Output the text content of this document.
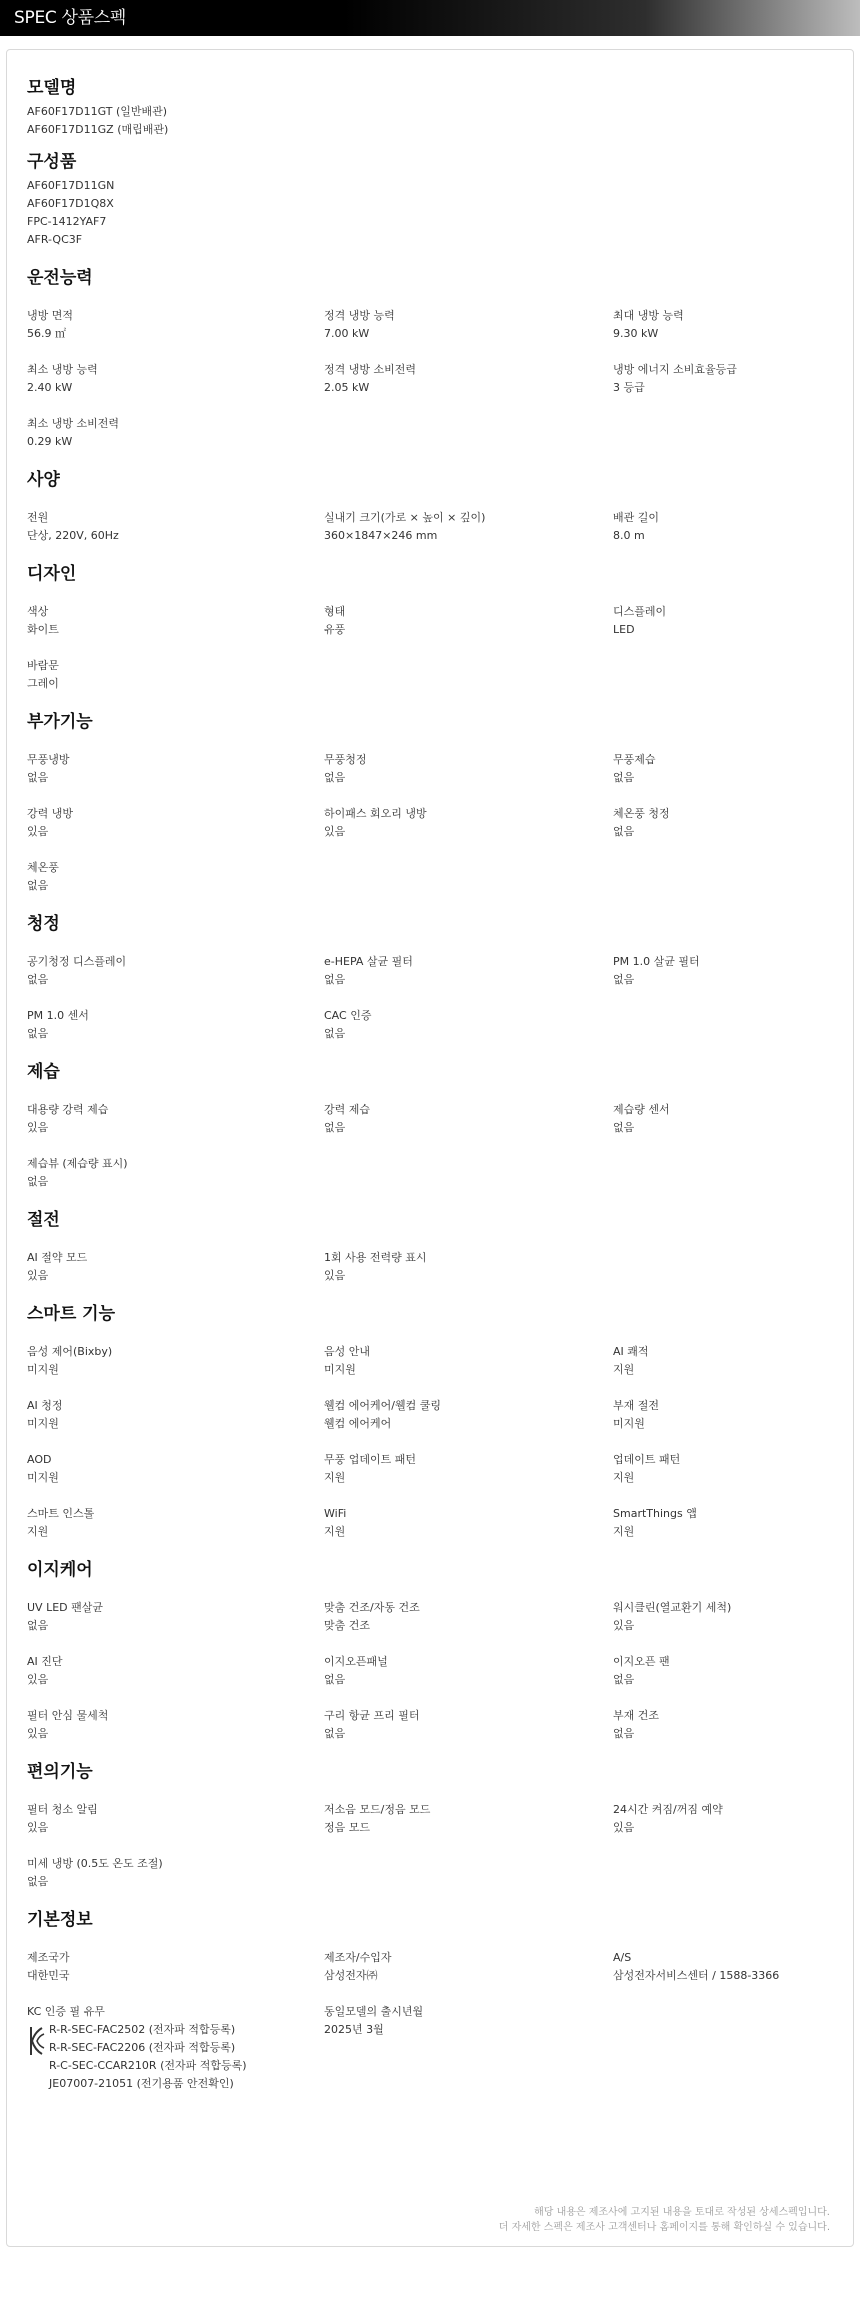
SPEC 상품스펙
모델명
AF60F17D11GT (일반배관)
AF60F17D11GZ (매립배관)
구성품
AF60F17D11GN
AF60F17D1Q8X
FPC-1412YAF7
AFR-QC3F
운전능력
냉방 면적
56.9 ㎡
정격 냉방 능력
7.00 kW
최대 냉방 능력
9.30 kW
최소 냉방 능력
2.40 kW
정격 냉방 소비전력
2.05 kW
냉방 에너지 소비효율등급
3 등급
최소 냉방 소비전력
0.29 kW
사양
전원
단상, 220V, 60Hz
실내기 크기(가로 × 높이 × 깊이)
360×1847×246 mm
배관 길이
8.0 m
디자인
색상
화이트
형태
유풍
디스플레이
LED
바람문
그레이
부가기능
무풍냉방
없음
무풍청정
없음
무풍제습
없음
강력 냉방
있음
하이패스 회오리 냉방
있음
체온풍 청정
없음
체온풍
없음
청정
공기청정 디스플레이
없음
e-HEPA 살균 필터
없음
PM 1.0 살균 필터
없음
PM 1.0 센서
없음
CAC 인증
없음
제습
대용량 강력 제습
있음
강력 제습
없음
제습량 센서
없음
제습뷰 (제습량 표시)
없음
절전
AI 절약 모드
있음
1회 사용 전력량 표시
있음
스마트 기능
음성 제어(Bixby)
미지원
음성 안내
미지원
AI 쾌적
지원
AI 청정
미지원
웰컴 에어케어/웰컴 쿨링
웰컴 에어케어
부재 절전
미지원
AOD
미지원
무풍 업데이트 패턴
지원
업데이트 패턴
지원
스마트 인스톨
지원
WiFi
지원
SmartThings 앱
지원
이지케어
UV LED 팬살균
없음
맞춤 건조/자동 건조
맞춤 건조
워시클린(열교환기 세척)
있음
AI 진단
있음
이지오픈패널
없음
이지오픈 팬
없음
필터 안심 물세척
있음
구리 항균 프리 필터
없음
부재 건조
없음
편의기능
필터 청소 알림
있음
저소음 모드/정음 모드
정음 모드
24시간 켜짐/꺼짐 예약
있음
미세 냉방 (0.5도 온도 조절)
없음
기본정보
제조국가
대한민국
제조자/수입자
삼성전자㈜
A/S
삼성전자서비스센터 / 1588-3366
KC 인증 필 유무
R-R-SEC-FAC2502 (전자파 적합등록)
R-R-SEC-FAC2206 (전자파 적합등록)
R-C-SEC-CCAR210R (전자파 적합등록)
JE07007-21051 (전기용품 안전확인)
동일모델의 출시년월
2025년 3월
해당 내용은 제조사에 고지된 내용을 토대로 작성된 상세스펙입니다.
더 자세한 스펙은 제조사 고객센터나 홈페이지를 통해 확인하실 수 있습니다.
